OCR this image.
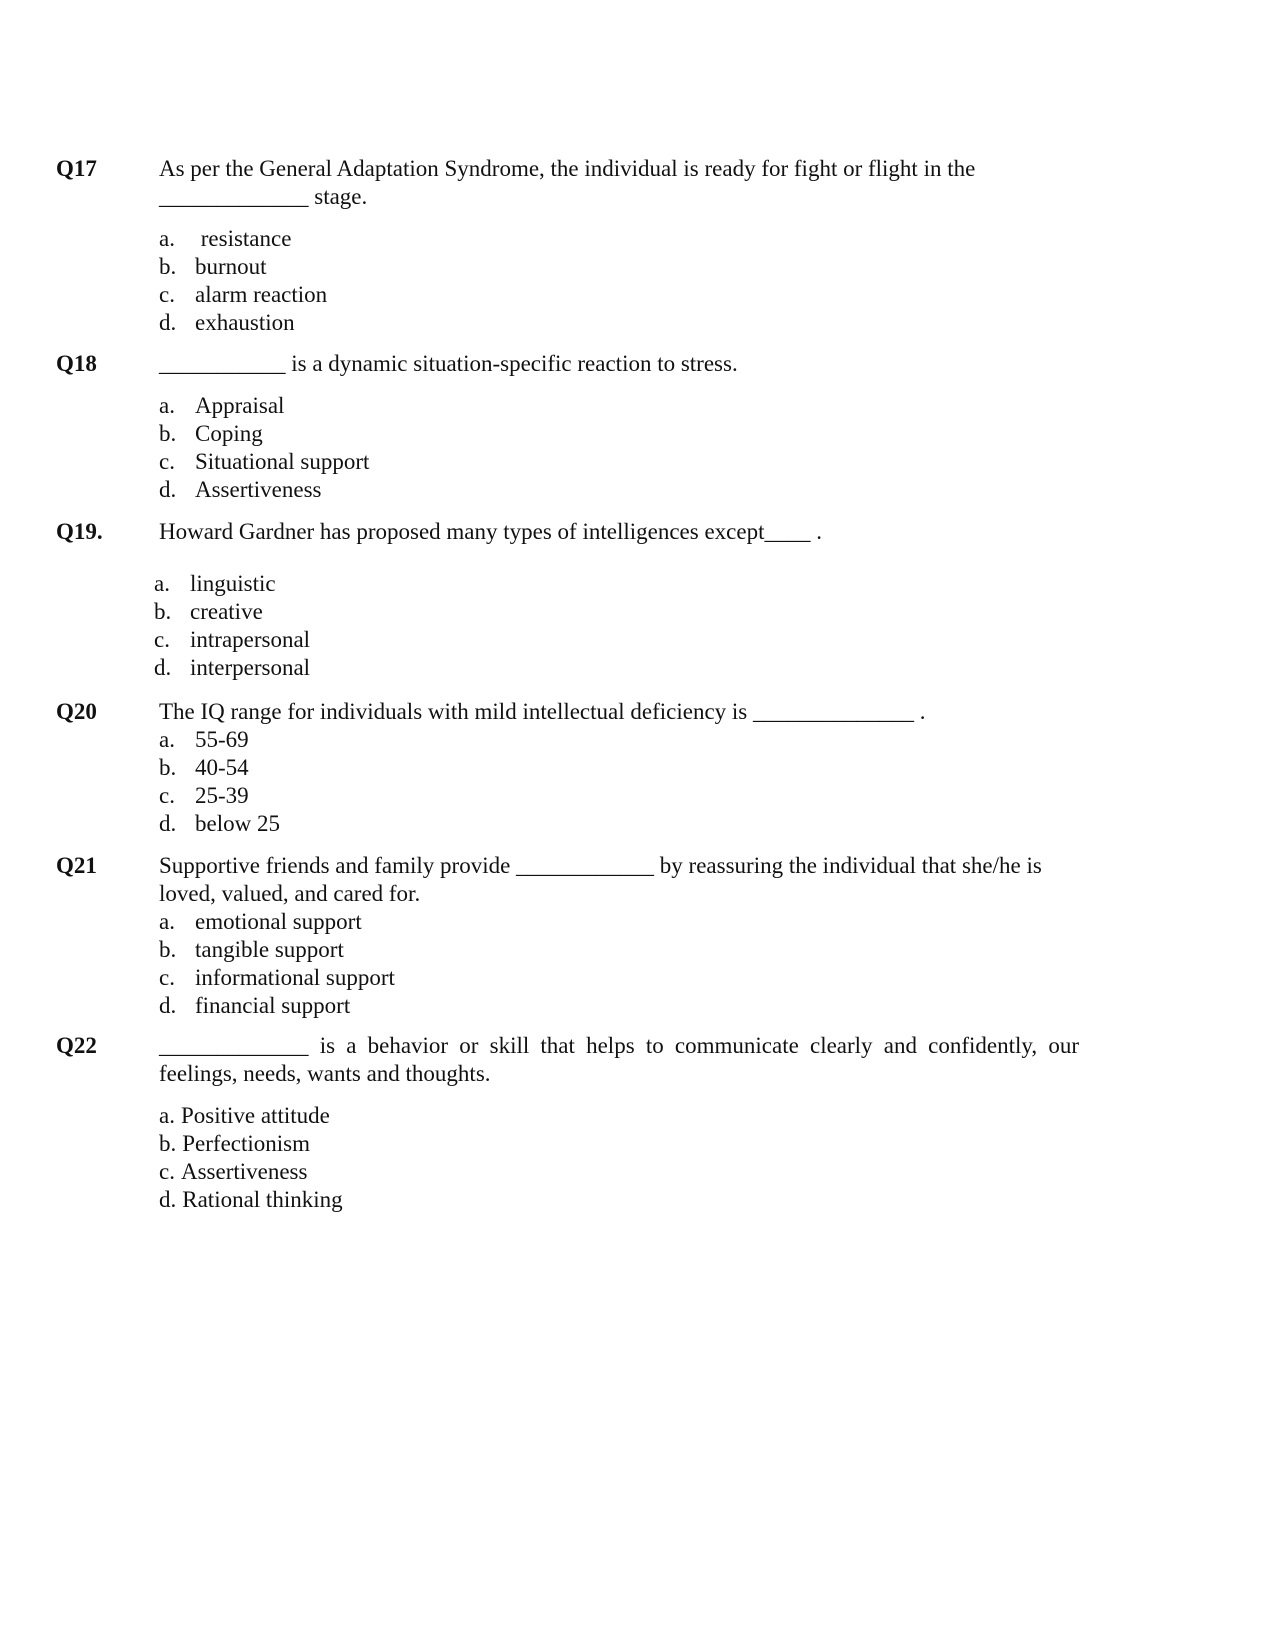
Q17	As per the General Adaptation Syndrome, the individual is ready for fight or flight in the _____________ stage.

a. resistance
b. burnout
c. alarm reaction
d. exhaustion
Q18	___________ is a dynamic situation-specific reaction to stress.

a. Appraisal
b. Coping
c. Situational support
d. Assertiveness
Q19. Howard Gardner has proposed many types of intelligences except____ .

a. linguistic
b. creative
c. intrapersonal
d. interpersonal
Q20	The IQ range for individuals with mild intellectual deficiency is ______________ .

a. 55-69
b. 40-54
c. 25-39
d. below 25
Q21	Supportive friends and family provide ____________ by reassuring the individual that she/he is loved, valued, and cared for.

a. emotional support
b. tangible support
c. informational support
d. financial support
Q22	_____________ is a behavior or skill that helps to communicate clearly and confidently, our feelings, needs, wants and thoughts.

a. Positive attitude
b. Perfectionism
c. Assertiveness
d. Rational thinking
